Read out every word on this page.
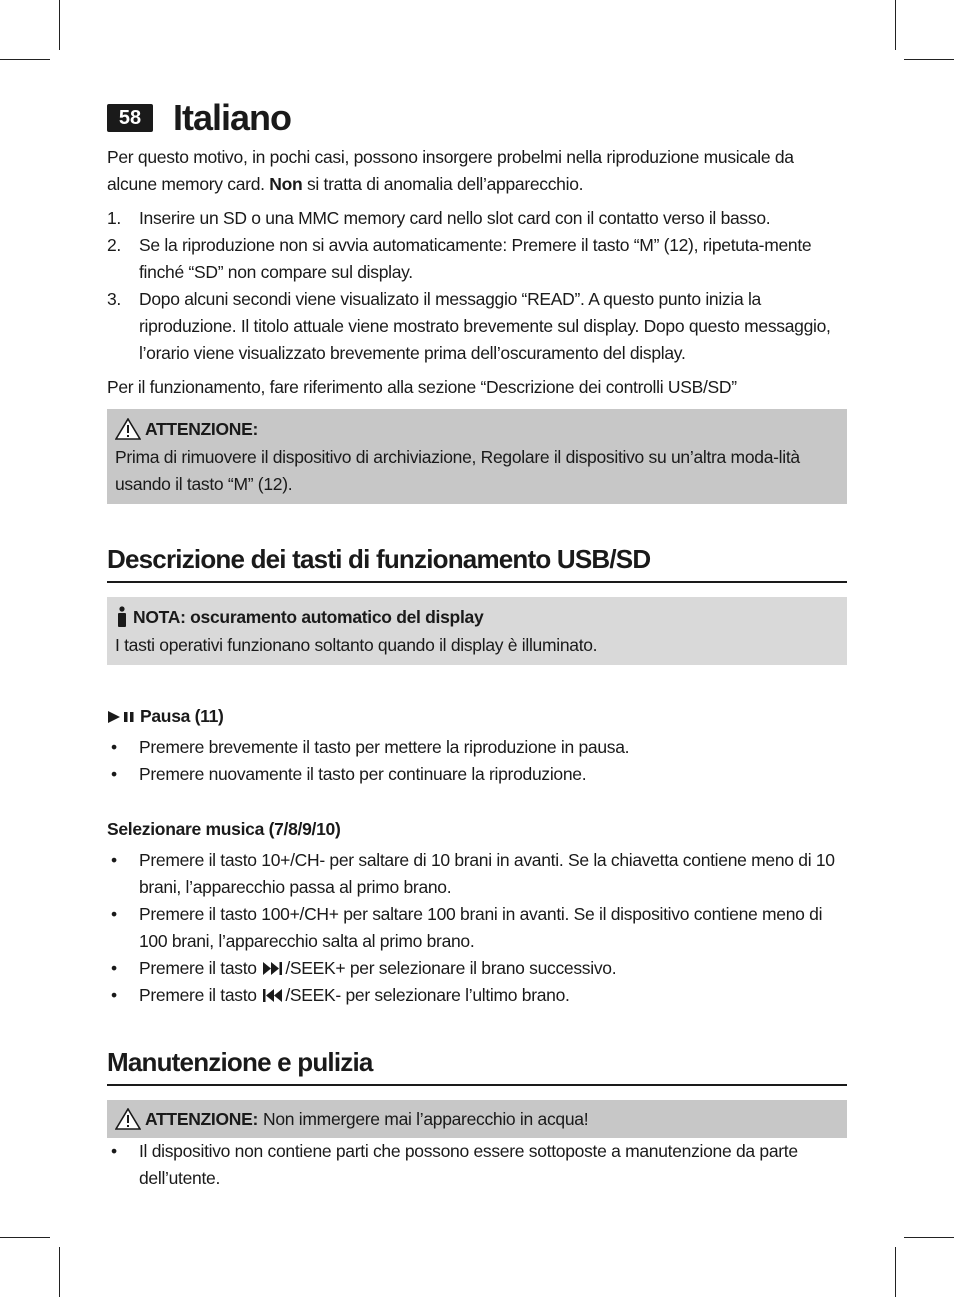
58 Italiano

Per questo motivo, in pochi casi, possono insorgere probelmi nella riproduzione musicale da alcune memory card. Non si tratta di anomalia dell’apparecchio.

1. Inserire un SD o una MMC memory card nello slot card con il contatto verso il basso.
2. Se la riproduzione non si avvia automaticamente: Premere il tasto “M” (12), ripetuta-mente finché “SD” non compare sul display.
3. Dopo alcuni secondi viene visualizato il messaggio “READ”. A questo punto inizia la riproduzione. Il titolo attuale viene mostrato brevemente sul display. Dopo questo messaggio, l’orario viene visualizzato brevemente prima dell’oscuramento del display.

Per il funzionamento, fare riferimento alla sezione “Descrizione dei controlli USB/SD”

ATTENZIONE:

Prima di rimuovere il dispositivo di archiviazione, Regolare il dispositivo su un’altra moda-lità usando il tasto “M” (12).

Descrizione dei tasti di funzionamento USB/SD
NOTA: oscuramento automatico del display

I tasti operativi funzionano soltanto quando il display è illuminato.

Pausa (11)
• Premere brevemente il tasto per mettere la riproduzione in pausa.
• Premere nuovamente il tasto per continuare la riproduzione.
Selezionare musica (7/8/9/10)
• Premere il tasto 10+/CH- per saltare di 10 brani in avanti. Se la chiavetta contiene meno di 10 brani, l’apparecchio passa al primo brano.
• Premere il tasto 100+/CH+ per saltare 100 brani in avanti. Se il dispositivo contiene meno di 100 brani, l’apparecchio salta al primo brano.
• Premere il tasto /SEEK+ per selezionare il brano successivo.
• Premere il tasto /SEEK- per selezionare l’ultimo brano.
Manutenzione e pulizia
ATTENZIONE: Non immergere mai l’apparecchio in acqua!
• Il dispositivo non contiene parti che possono essere sottoposte a manutenzione da parte dell’utente.
